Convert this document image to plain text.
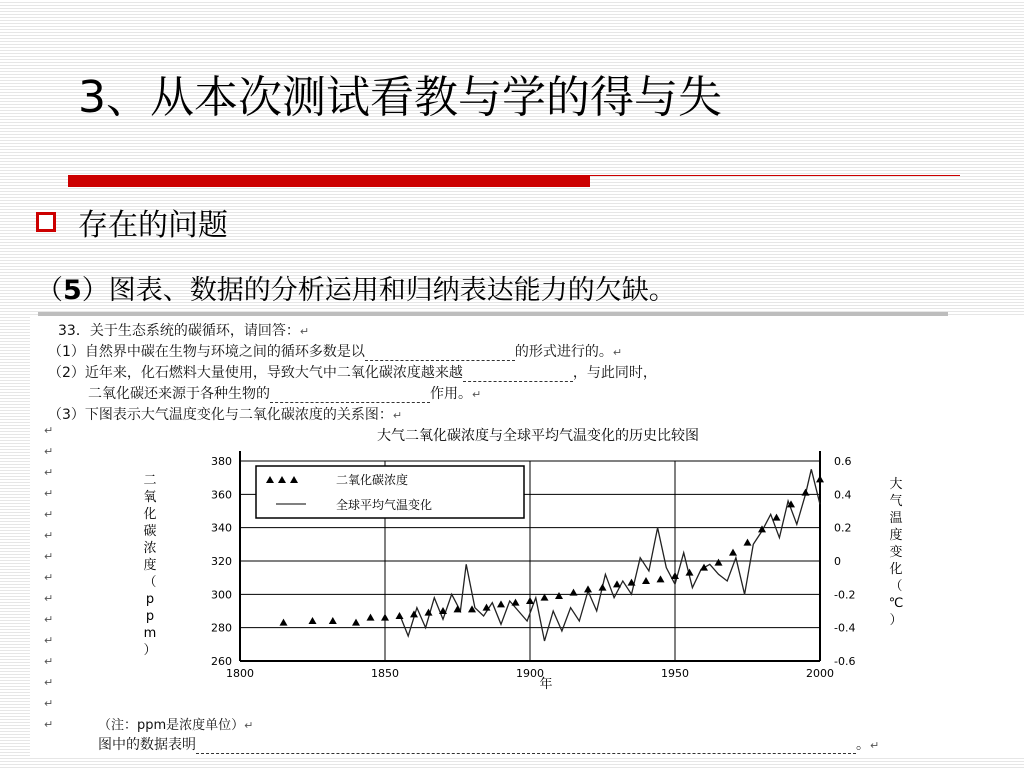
3、从本次测试看教与学的得与失
存在的问题
（5）图表、数据的分析运用和归纳表达能力的欠缺。
33．关于生态系统的碳循环，请回答：↵
（1）自然界中碳在生物与环境之间的循环多数是以	的形式进行的。↵
（2）近年来，化石燃料大量使用，导致大气中二氧化碳浓度越来越	，与此同时，
二氧化碳还来源于各种生物的	作用。↵
（3）下图表示大气温度变化与二氧化碳浓度的关系图：↵
↵
↵
↵
↵
↵
↵
↵
↵
↵
↵
↵
↵
↵
↵
↵
大气二氧化碳浓度与全球平均气温变化的历史比较图
260	-0.6
280	-0.4
300	-0.2
320	0
340	0.2
360	0.4
380	0.6
1800	1850	1900	1950	2000
二氧化碳浓度
全球平均气温变化
年
二
氧
化
碳
浓
度
（
p
p
m
）
大
气
温
度
变
化
（
℃
）
（注：ppm是浓度单位）↵
图中的数据表明	。↵
